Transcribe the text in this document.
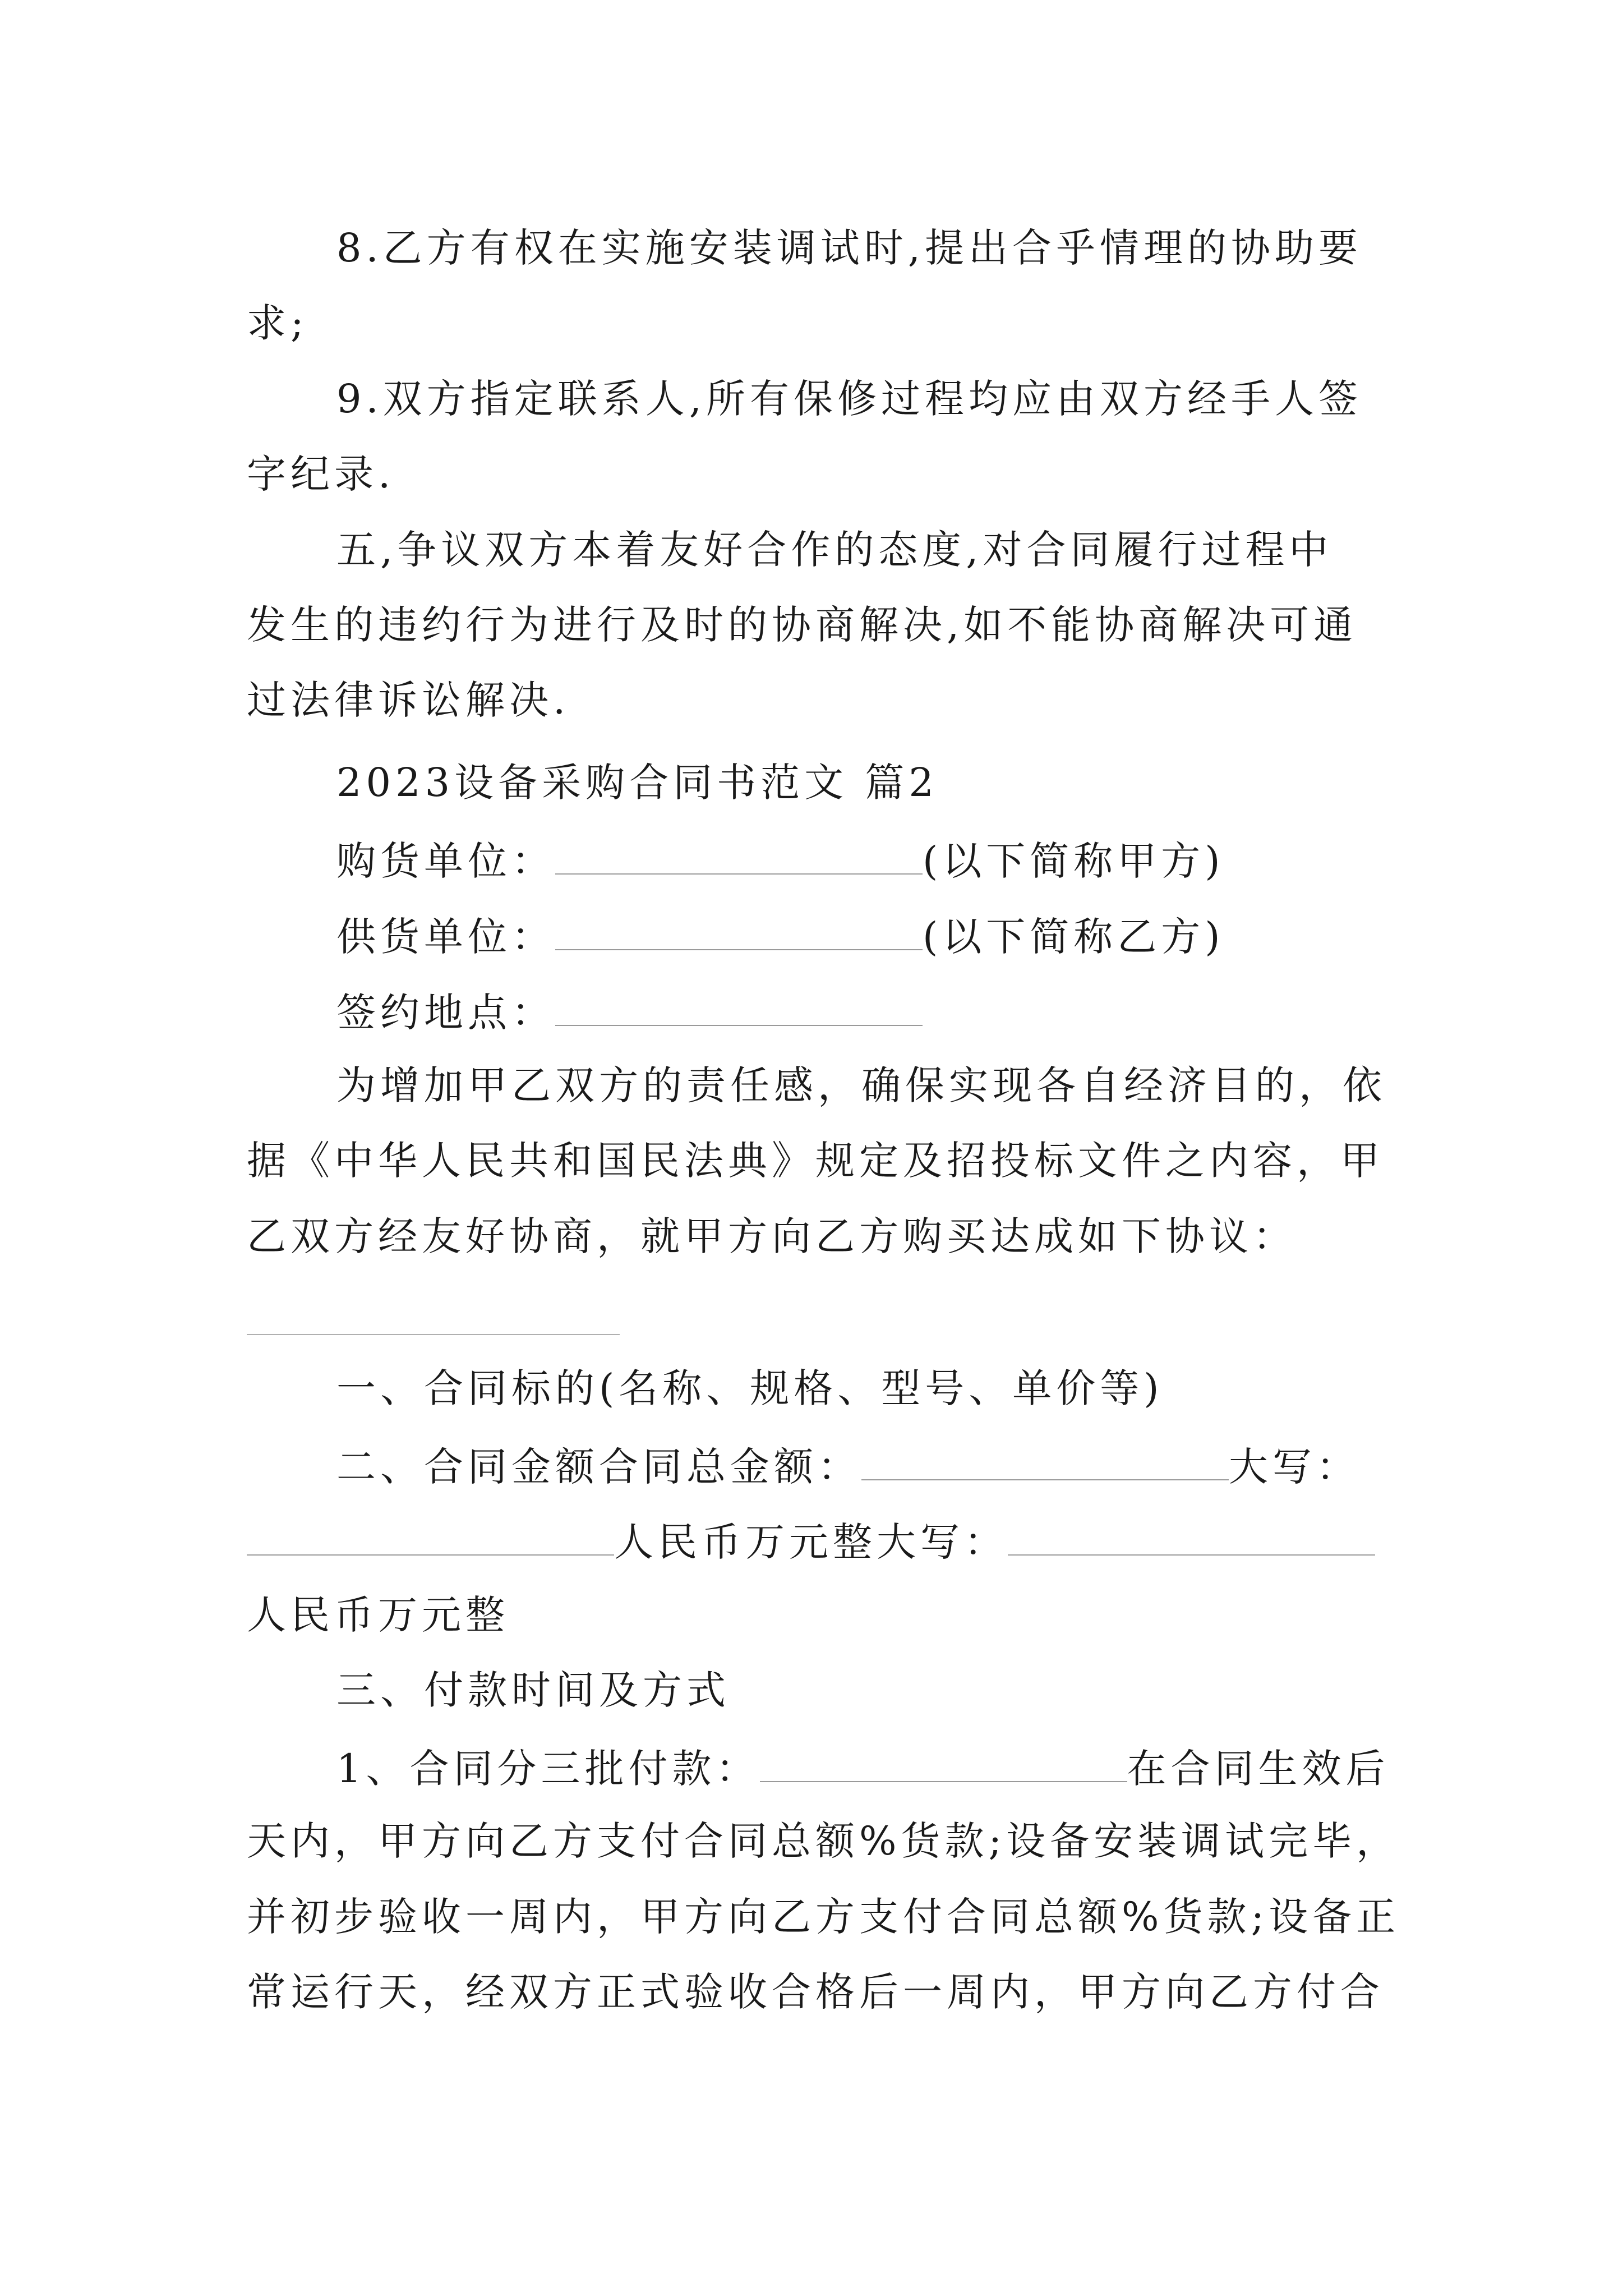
8.乙方有权在实施安装调试时,提出合乎情理的协助要
求;
9.双方指定联系人,所有保修过程均应由双方经手人签
字纪录.
五,争议双方本着友好合作的态度,对合同履行过程中
发生的违约行为进行及时的协商解决,如不能协商解决可通
过法律诉讼解决.
2023设备采购合同书范文 篇2
购货单位：	(以下简称甲方)
供货单位：	(以下简称乙方)
签约地点：
为增加甲乙双方的责任感，确保实现各自经济目的，依
据《中华人民共和国民法典》规定及招投标文件之内容，甲
乙双方经友好协商，就甲方向乙方购买达成如下协议：
一、合同标的(名称、规格、型号、单价等)
二、合同金额合同总金额：	大写：
人民币万元整大写：
人民币万元整
三、付款时间及方式
1、合同分三批付款：	在合同生效后
天内，甲方向乙方支付合同总额%货款;设备安装调试完毕，
并初步验收一周内，甲方向乙方支付合同总额%货款;设备正
常运行天，经双方正式验收合格后一周内，甲方向乙方付合
